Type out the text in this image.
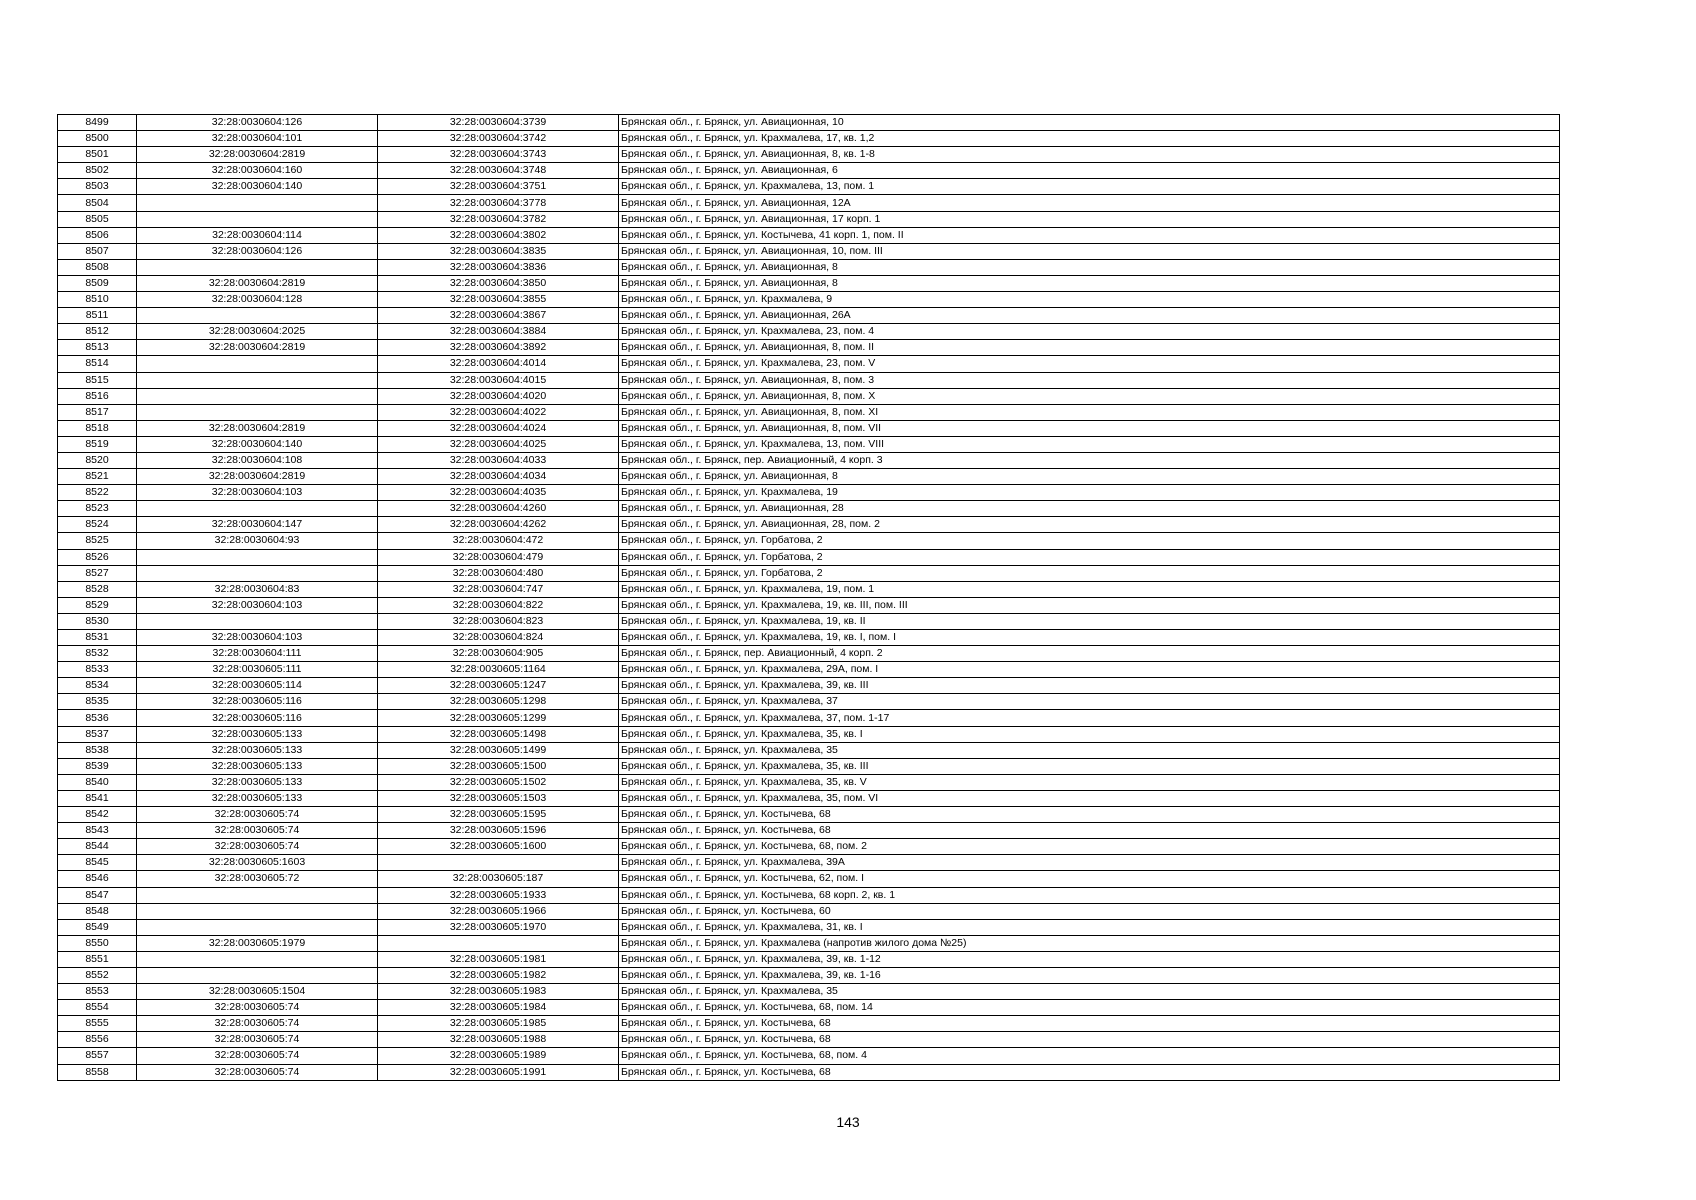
8499	32:28:0030604:126	32:28:0030604:3739	Брянская обл., г. Брянск, ул. Авиационная, 10
8500	32:28:0030604:101	32:28:0030604:3742	Брянская обл., г. Брянск, ул. Крахмалева, 17, кв. 1,2
8501	32:28:0030604:2819	32:28:0030604:3743	Брянская обл., г. Брянск, ул. Авиационная, 8, кв. 1-8
8502	32:28:0030604:160	32:28:0030604:3748	Брянская обл., г. Брянск, ул. Авиационная, 6
8503	32:28:0030604:140	32:28:0030604:3751	Брянская обл., г. Брянск, ул. Крахмалева, 13, пом. 1
8504		32:28:0030604:3778	Брянская обл., г. Брянск, ул. Авиационная, 12А
8505		32:28:0030604:3782	Брянская обл., г. Брянск, ул. Авиационная, 17 корп. 1
8506	32:28:0030604:114	32:28:0030604:3802	Брянская обл., г. Брянск, ул. Костычева, 41 корп. 1, пом. II
8507	32:28:0030604:126	32:28:0030604:3835	Брянская обл., г. Брянск, ул. Авиационная, 10, пом. III
8508		32:28:0030604:3836	Брянская обл., г. Брянск, ул. Авиационная, 8
8509	32:28:0030604:2819	32:28:0030604:3850	Брянская обл., г. Брянск, ул. Авиационная, 8
8510	32:28:0030604:128	32:28:0030604:3855	Брянская обл., г. Брянск, ул. Крахмалева, 9
8511		32:28:0030604:3867	Брянская обл., г. Брянск, ул. Авиационная, 26А
8512	32:28:0030604:2025	32:28:0030604:3884	Брянская обл., г. Брянск, ул. Крахмалева, 23, пом. 4
8513	32:28:0030604:2819	32:28:0030604:3892	Брянская обл., г. Брянск, ул. Авиационная, 8, пом. II
8514		32:28:0030604:4014	Брянская обл., г. Брянск, ул. Крахмалева, 23, пом. V
8515		32:28:0030604:4015	Брянская обл., г. Брянск, ул. Авиационная, 8, пом. 3
8516		32:28:0030604:4020	Брянская обл., г. Брянск, ул. Авиационная, 8, пом. X
8517		32:28:0030604:4022	Брянская обл., г. Брянск, ул. Авиационная, 8, пом. XI
8518	32:28:0030604:2819	32:28:0030604:4024	Брянская обл., г. Брянск, ул. Авиационная, 8, пом. VII
8519	32:28:0030604:140	32:28:0030604:4025	Брянская обл., г. Брянск, ул. Крахмалева, 13, пом. VIII
8520	32:28:0030604:108	32:28:0030604:4033	Брянская обл., г. Брянск, пер. Авиационный, 4 корп. 3
8521	32:28:0030604:2819	32:28:0030604:4034	Брянская обл., г. Брянск, ул. Авиационная, 8
8522	32:28:0030604:103	32:28:0030604:4035	Брянская обл., г. Брянск, ул. Крахмалева, 19
8523		32:28:0030604:4260	Брянская обл., г. Брянск, ул. Авиационная, 28
8524	32:28:0030604:147	32:28:0030604:4262	Брянская обл., г. Брянск, ул. Авиационная, 28, пом. 2
8525	32:28:0030604:93	32:28:0030604:472	Брянская обл., г. Брянск, ул. Горбатова, 2
8526		32:28:0030604:479	Брянская обл., г. Брянск, ул. Горбатова, 2
8527		32:28:0030604:480	Брянская обл., г. Брянск, ул. Горбатова, 2
8528	32:28:0030604:83	32:28:0030604:747	Брянская обл., г. Брянск, ул. Крахмалева, 19, пом. 1
8529	32:28:0030604:103	32:28:0030604:822	Брянская обл., г. Брянск, ул. Крахмалева, 19, кв. III, пом. III
8530		32:28:0030604:823	Брянская обл., г. Брянск, ул. Крахмалева, 19, кв. II
8531	32:28:0030604:103	32:28:0030604:824	Брянская обл., г. Брянск, ул. Крахмалева, 19, кв. I, пом. I
8532	32:28:0030604:111	32:28:0030604:905	Брянская обл., г. Брянск, пер. Авиационный, 4 корп. 2
8533	32:28:0030605:111	32:28:0030605:1164	Брянская обл., г. Брянск, ул. Крахмалева, 29А, пом. I
8534	32:28:0030605:114	32:28:0030605:1247	Брянская обл., г. Брянск, ул. Крахмалева, 39, кв. III
8535	32:28:0030605:116	32:28:0030605:1298	Брянская обл., г. Брянск, ул. Крахмалева, 37
8536	32:28:0030605:116	32:28:0030605:1299	Брянская обл., г. Брянск, ул. Крахмалева, 37, пом. 1-17
8537	32:28:0030605:133	32:28:0030605:1498	Брянская обл., г. Брянск, ул. Крахмалева, 35, кв. I
8538	32:28:0030605:133	32:28:0030605:1499	Брянская обл., г. Брянск, ул. Крахмалева, 35
8539	32:28:0030605:133	32:28:0030605:1500	Брянская обл., г. Брянск, ул. Крахмалева, 35, кв. III
8540	32:28:0030605:133	32:28:0030605:1502	Брянская обл., г. Брянск, ул. Крахмалева, 35, кв. V
8541	32:28:0030605:133	32:28:0030605:1503	Брянская обл., г. Брянск, ул. Крахмалева, 35, пом. VI
8542	32:28:0030605:74	32:28:0030605:1595	Брянская обл., г. Брянск, ул. Костычева, 68
8543	32:28:0030605:74	32:28:0030605:1596	Брянская обл., г. Брянск, ул. Костычева, 68
8544	32:28:0030605:74	32:28:0030605:1600	Брянская обл., г. Брянск, ул. Костычева, 68, пом. 2
8545	32:28:0030605:1603		Брянская обл., г. Брянск, ул. Крахмалева, 39А
8546	32:28:0030605:72	32:28:0030605:187	Брянская обл., г. Брянск, ул. Костычева, 62, пом. I
8547		32:28:0030605:1933	Брянская обл., г. Брянск, ул. Костычева, 68 корп. 2, кв. 1
8548		32:28:0030605:1966	Брянская обл., г. Брянск, ул. Костычева, 60
8549		32:28:0030605:1970	Брянская обл., г. Брянск, ул. Крахмалева, 31, кв. I
8550	32:28:0030605:1979		Брянская обл., г. Брянск, ул. Крахмалева (напротив жилого дома №25)
8551		32:28:0030605:1981	Брянская обл., г. Брянск, ул. Крахмалева, 39, кв. 1-12
8552		32:28:0030605:1982	Брянская обл., г. Брянск, ул. Крахмалева, 39, кв. 1-16
8553	32:28:0030605:1504	32:28:0030605:1983	Брянская обл., г. Брянск, ул. Крахмалева, 35
8554	32:28:0030605:74	32:28:0030605:1984	Брянская обл., г. Брянск, ул. Костычева, 68, пом. 14
8555	32:28:0030605:74	32:28:0030605:1985	Брянская обл., г. Брянск, ул. Костычева, 68
8556	32:28:0030605:74	32:28:0030605:1988	Брянская обл., г. Брянск, ул. Костычева, 68
8557	32:28:0030605:74	32:28:0030605:1989	Брянская обл., г. Брянск, ул. Костычева, 68, пом. 4
8558	32:28:0030605:74	32:28:0030605:1991	Брянская обл., г. Брянск, ул. Костычева, 68
143
